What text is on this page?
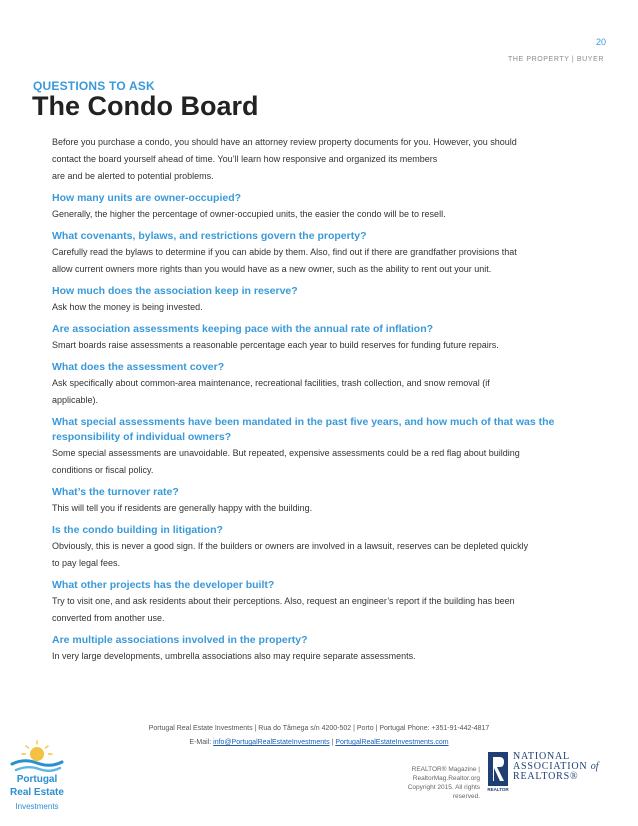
20
THE PROPERTY | BUYER
QUESTIONS TO ASK
The Condo Board
Before you purchase a condo, you should have an attorney review property documents for you. However, you should
contact the board yourself ahead of time. You’ll learn how responsive and organized its members
are and be alerted to potential problems.
How many units are owner-occupied?
Generally, the higher the percentage of owner-occupied units, the easier the condo will be to resell.
What covenants, bylaws, and restrictions govern the property?
Carefully read the bylaws to determine if you can abide by them. Also, find out if there are grandfather provisions that
allow current owners more rights than you would have as a new owner, such as the ability to rent out your unit.
How much does the association keep in reserve?
Ask how the money is being invested.
Are association assessments keeping pace with the annual rate of inflation?
Smart boards raise assessments a reasonable percentage each year to build reserves for funding future repairs.
What does the assessment cover?
Ask specifically about common-area maintenance, recreational facilities, trash collection, and snow removal (if
applicable).
What special assessments have been mandated in the past five years, and how much of that was the
responsibility of individual owners?
Some special assessments are unavoidable. But repeated, expensive assessments could be a red flag about building
conditions or fiscal policy.
What’s the turnover rate?
This will tell you if residents are generally happy with the building.
Is the condo building in litigation?
Obviously, this is never a good sign. If the builders or owners are involved in a lawsuit, reserves can be depleted quickly
to pay legal fees.
What other projects has the developer built?
Try to visit one, and ask residents about their perceptions. Also, request an engineer’s report if the building has been
converted from another use.
Are multiple associations involved in the property?
In very large developments, umbrella associations also may require separate assessments.
Portugal Real Estate Investments | Rua do Tâmega s/n 4200-502 | Porto | Portugal Phone: +351-91-442-4817
E-Mail: info@PortugalRealEstateInvestments | PortugalRealEstateInvestments.com
Portugal
Real Estate
Investments
REALTOR® Magazine | RealtorMag.Realtor.org
Copyright 2015. All rights reserved.
REALTOR
NATIONAL
ASSOCIATION of
REALTORS®
